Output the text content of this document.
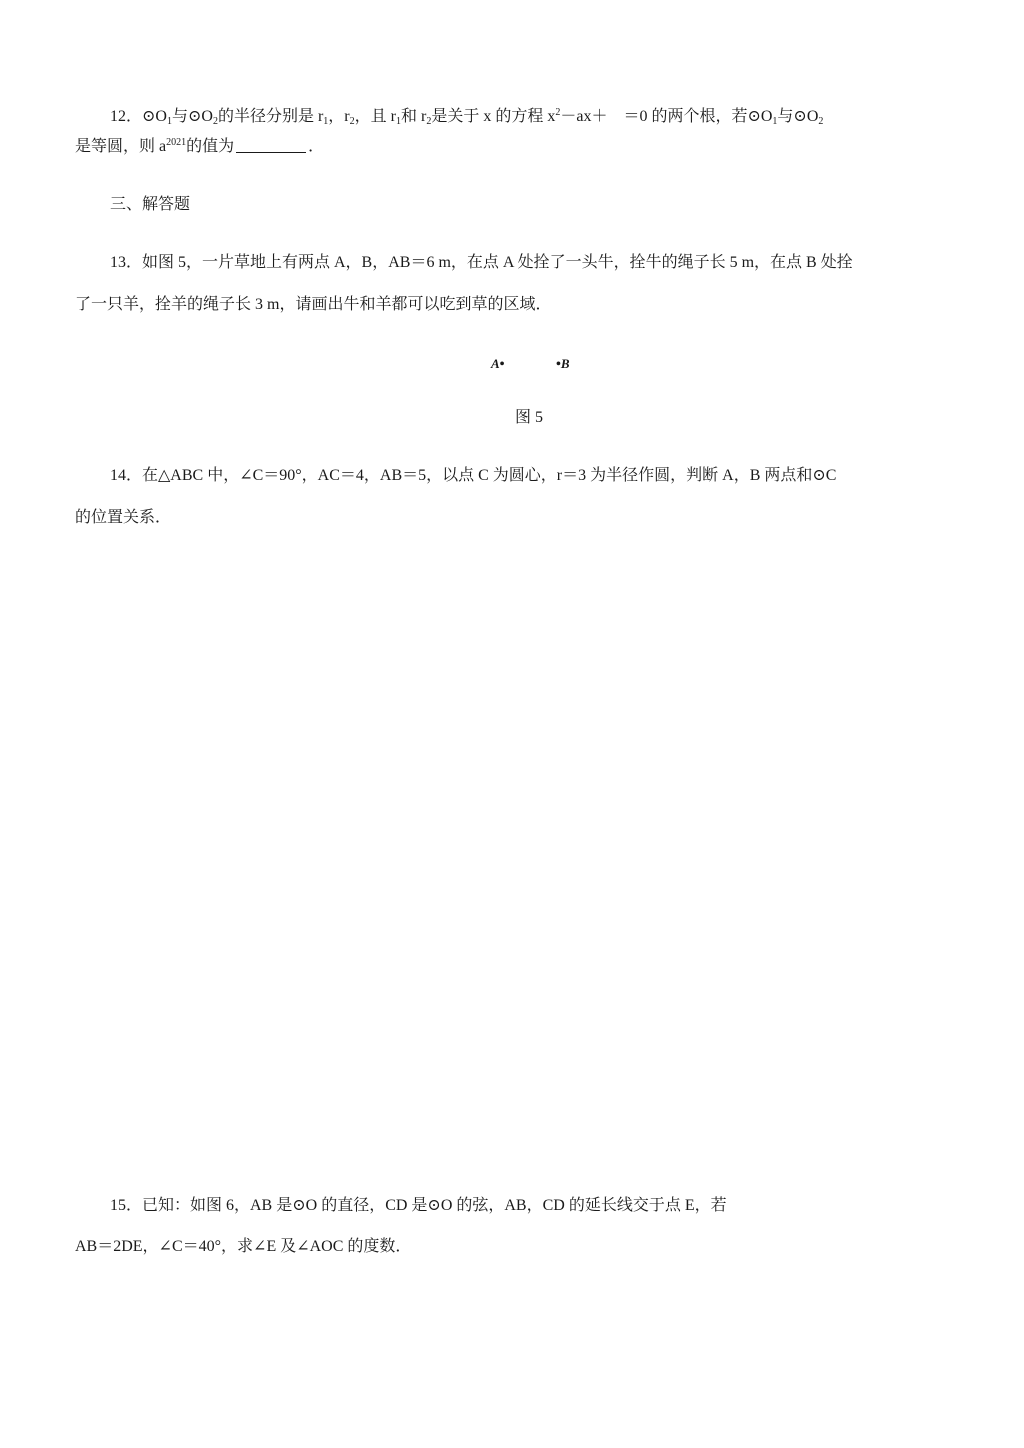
12．$⊙O_1$与$⊙O_2$的半径分别是 $r_1$，$r_2$，且 $r_1$和 $r_2$是关于 x 的方程 $x^2-ax+$　＝0 的两个根，若$⊙O_1$与$⊙O_2$
是等圆，则 $a^{2021}$的值为	．
三、解答题
13．如图 5，一片草地上有两点 A，B，AB＝6 m，在点 A 处拴了一头牛，拴牛的绳子长 5 m，在点 B 处拴
了一只羊，拴羊的绳子长 3 m，请画出牛和羊都可以吃到草的区域．
A•	•B
图 5
14．在△ABC 中，∠C＝90°，AC＝4，AB＝5，以点 C 为圆心，r＝3 为半径作圆，判断 A，B 两点和⊙C
的位置关系．
15．已知：如图 6，AB 是⊙O 的直径，CD 是⊙O 的弦，AB，CD 的延长线交于点 E，若
AB＝2DE，∠C＝40°，求∠E 及∠AOC 的度数．
